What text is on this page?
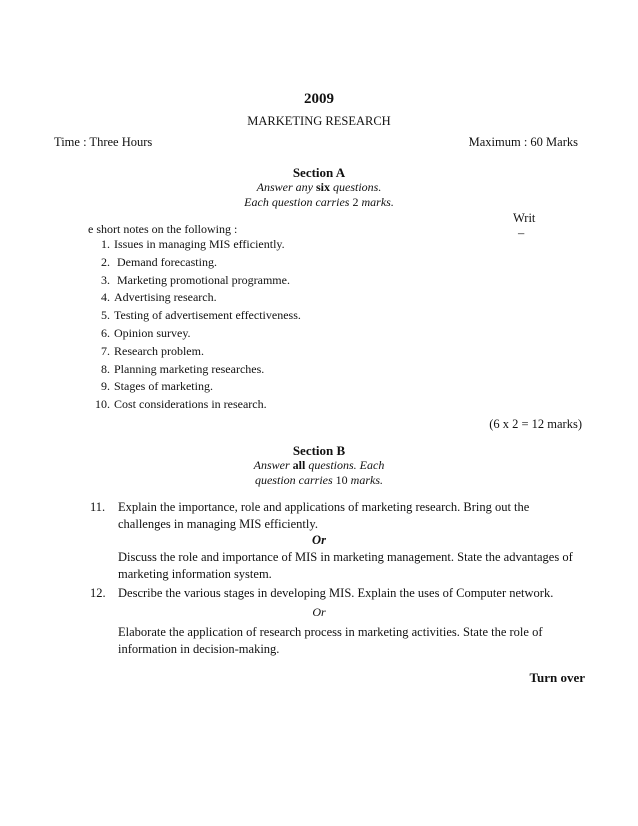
2009
MARKETING RESEARCH
Time : Three Hours	Maximum : 60 Marks
Section A
Answer any six questions.
Each question carries 2 marks.
Writ
–
e short notes on the following :
1. Issues in managing MIS efficiently.
2. Demand forecasting.
3. Marketing promotional programme.
4. Advertising research.
5. Testing of advertisement effectiveness.
6. Opinion survey.
7. Research problem.
8. Planning marketing researches.
9. Stages of marketing.
10. Cost considerations in research.
(6 x 2 = 12 marks)
Section B
Answer all questions. Each
question carries 10 marks.
11. Explain the importance, role and applications of marketing research. Bring out the challenges in managing MIS efficiently.
Or
Discuss the role and importance of MIS in marketing management. State the advantages of marketing information system.
12. Describe the various stages in developing MIS. Explain the uses of Computer network.
Or
Elaborate the application of research process in marketing activities. State the role of information in decision-making.
Turn over
